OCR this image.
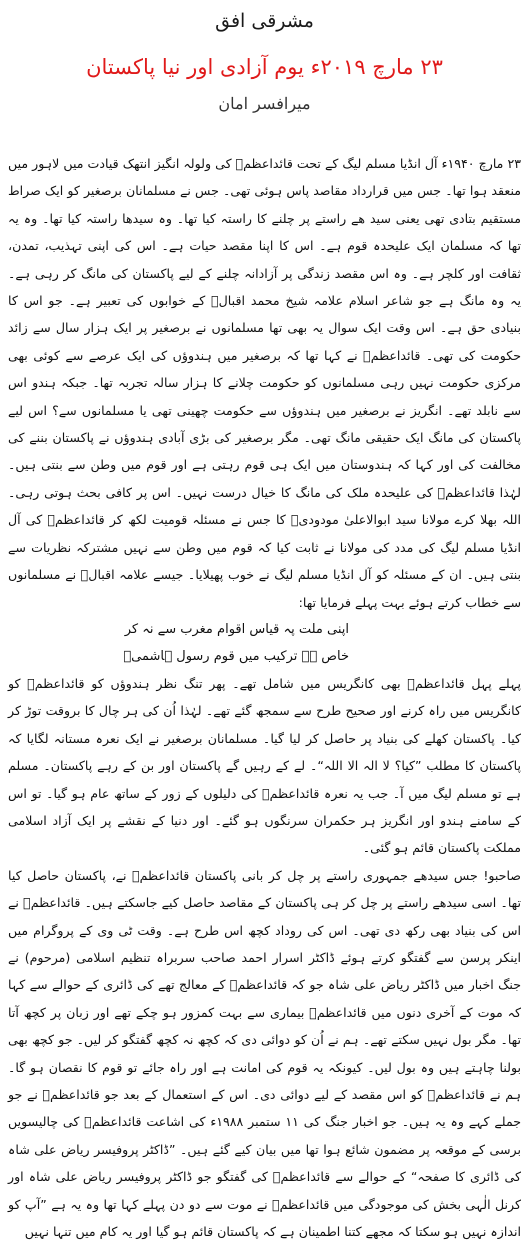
مشرقی افق
۲۳ مارچ ۲۰۱۹ء یوم آزادی اور نیا پاکستان
میرافسر امان

۲۳ مارچ ۱۹۴۰ء آل انڈیا مسلم لیگ کے تحت قائداعظمؒ کی ولولہ انگیز انتھک قیادت میں لاہور میں منعقد ہوا تھا۔ جس میں قرارداد مقاصد پاس ہوئی تھی۔ جس نے مسلمانان برصغیر کو ایک صراط مستقیم بتادی تھی یعنی سید ھے راستے پر چلنے کا راستہ کیا تھا۔ وہ سیدھا راستہ کیا تھا۔ وہ یہ تھا کہ مسلمان ایک علیحدہ قوم ہے۔ اس کا اپنا مقصد حیات ہے۔ اس کی اپنی تہذیب، تمدن، ثقافت اور کلچر ہے۔ وہ اس مقصد زندگی پر آزادانہ چلنے کے لیے پاکستان کی مانگ کر رہی ہے۔ یہ وہ مانگ ہے جو شاعر اسلام علامہ شیخ محمد اقبالؒ کے خوابوں کی تعبیر ہے۔ جو اس کا بنیادی حق ہے۔ اس وقت ایک سوال یہ بھی تھا مسلمانوں نے برصغیر پر ایک ہزار سال سے زائد حکومت کی تھی۔ قائداعظمؒ نے کہا تھا کہ برصغیر میں ہندوؤں کی ایک عرصے سے کوئی بھی مرکزی حکومت نہیں رہی مسلمانوں کو حکومت چلانے کا ہزار سالہ تجربہ تھا۔ جبکہ ہندو اس سے نابلد تھے۔ انگریز نے برصغیر میں ہندوؤں سے حکومت چھینی تھی یا مسلمانوں سے؟ اس لیے پاکستان کی مانگ ایک حقیقی مانگ تھی۔ مگر برصغیر کی بڑی آبادی ہندوؤں نے پاکستان بننے کی مخالفت کی اور کہا کہ ہندوستان میں ایک ہی قوم رہتی ہے اور قوم میں وطن سے بنتی ہیں۔ لہٰذا قائداعظمؒ کی علیحدہ ملک کی مانگ کا خیال درست نہیں۔ اس پر کافی بحث ہوتی رہی۔ اللہ بھلا کرے مولانا سید ابوالاعلیٰ مودودیؒ کا جس نے مسئلہ قومیت لکھ کر قائداعظمؒ کی آل انڈیا مسلم لیگ کی مدد کی مولانا نے ثابت کیا کہ قوم میں وطن سے نہیں مشترکہ نظریات سے بنتی ہیں۔ ان کے مسئلہ کو آل انڈیا مسلم لیگ نے خوب پھیلایا۔ جیسے علامہ اقبالؒ نے مسلمانوں سے خطاب کرتے ہوئے بہت پہلے فرمایا تھا:

اپنی ملت پہ قیاس اقوام مغرب سے نہ کر
خاص ہے ترکیب میں قوم رسول ہاشمیؐ

پہلے پہل قائداعظمؒ بھی کانگریس میں شامل تھے۔ پھر تنگ نظر ہندوؤں کو قائداعظمؒ کو کانگریس میں راہ کرنے اور صحیح طرح سے سمجھ گئے تھے۔ لہٰذا اُن کی ہر چال کا بروقت توڑ کر کیا۔ پاکستان کھلے کی بنیاد پر حاصل کر لیا گیا۔ مسلمانان برصغیر نے ایک نعرہ مستانہ لگایا کہ پاکستان کا مطلب ”کیا؟ لا الہ الا اللہ“۔ لے کے رہیں گے پاکستان اور بن کے رہے پاکستان۔ مسلم ہے تو مسلم لیگ میں آ۔ جب یہ نعرہ قائداعظمؒ کی دلیلوں کے زور کے ساتھ عام ہو گیا۔ تو اس کے سامنے ہندو اور انگریز ہر حکمران سرنگوں ہو گئے۔ اور دنیا کے نقشے پر ایک آزاد اسلامی مملکت پاکستان قائم ہو گئی۔

صاحبو! جس سیدھے جمہوری راستے پر چل کر بانی پاکستان قائداعظمؒ نے، پاکستان حاصل کیا تھا۔ اسی سیدھے راستے پر چل کر ہی پاکستان کے مقاصد حاصل کیے جاسکتے ہیں۔ قائداعظمؒ نے اس کی بنیاد بھی رکھ دی تھی۔ اس کی روداد کچھ اس طرح ہے۔ وقت ٹی وی کے پروگرام میں اینکر پرسن سے گفتگو کرتے ہوئے ڈاکٹر اسرار احمد صاحب سربراہ تنظیم اسلامی (مرحوم) نے جنگ اخبار میں ڈاکٹر ریاض علی شاہ جو کہ قائداعظمؒ کے معالج تھے کی ڈائری کے حوالے سے کہا کہ موت کے آخری دنوں میں قائداعظمؒ بیماری سے بہت کمزور ہو چکے تھے اور زبان پر کچھ آتا تھا۔ مگر بول نہیں سکتے تھے۔ ہم نے اُن کو دوائی دی کہ کچھ نہ کچھ گفتگو کر لیں۔ جو کچھ بھی بولنا چاہتے ہیں وہ بول لیں۔ کیونکہ یہ قوم کی امانت ہے اور راہ جائے تو قوم کا نقصان ہو گا۔ ہم نے قائداعظمؒ کو اس مقصد کے لیے دوائی دی۔ اس کے استعمال کے بعد جو قائداعظمؒ نے جو جملے کہے وہ یہ ہیں۔ جو اخبار جنگ کی ۱۱ ستمبر ۱۹۸۸ء کی اشاعت قائداعظمؒ کی چالیسویں برسی کے موقعہ پر مضمون شائع ہوا تھا میں بیان کیے گئے ہیں۔ ”ڈاکٹر پروفیسر ریاض علی شاہ کی ڈائری کا صفحہ“ کے حوالے سے قائداعظمؒ کی گفتگو جو ڈاکٹر پروفیسر ریاض علی شاہ اور کرنل الٰہی بخش کی موجودگی میں قائداعظمؒ نے موت سے دو دن پہلے کہا تھا وہ یہ ہے ”آپ کو اندازہ نہیں ہو سکتا کہ مجھے کتنا اطمینان ہے کہ پاکستان قائم ہو گیا اور یہ کام میں تنہا نہیں
